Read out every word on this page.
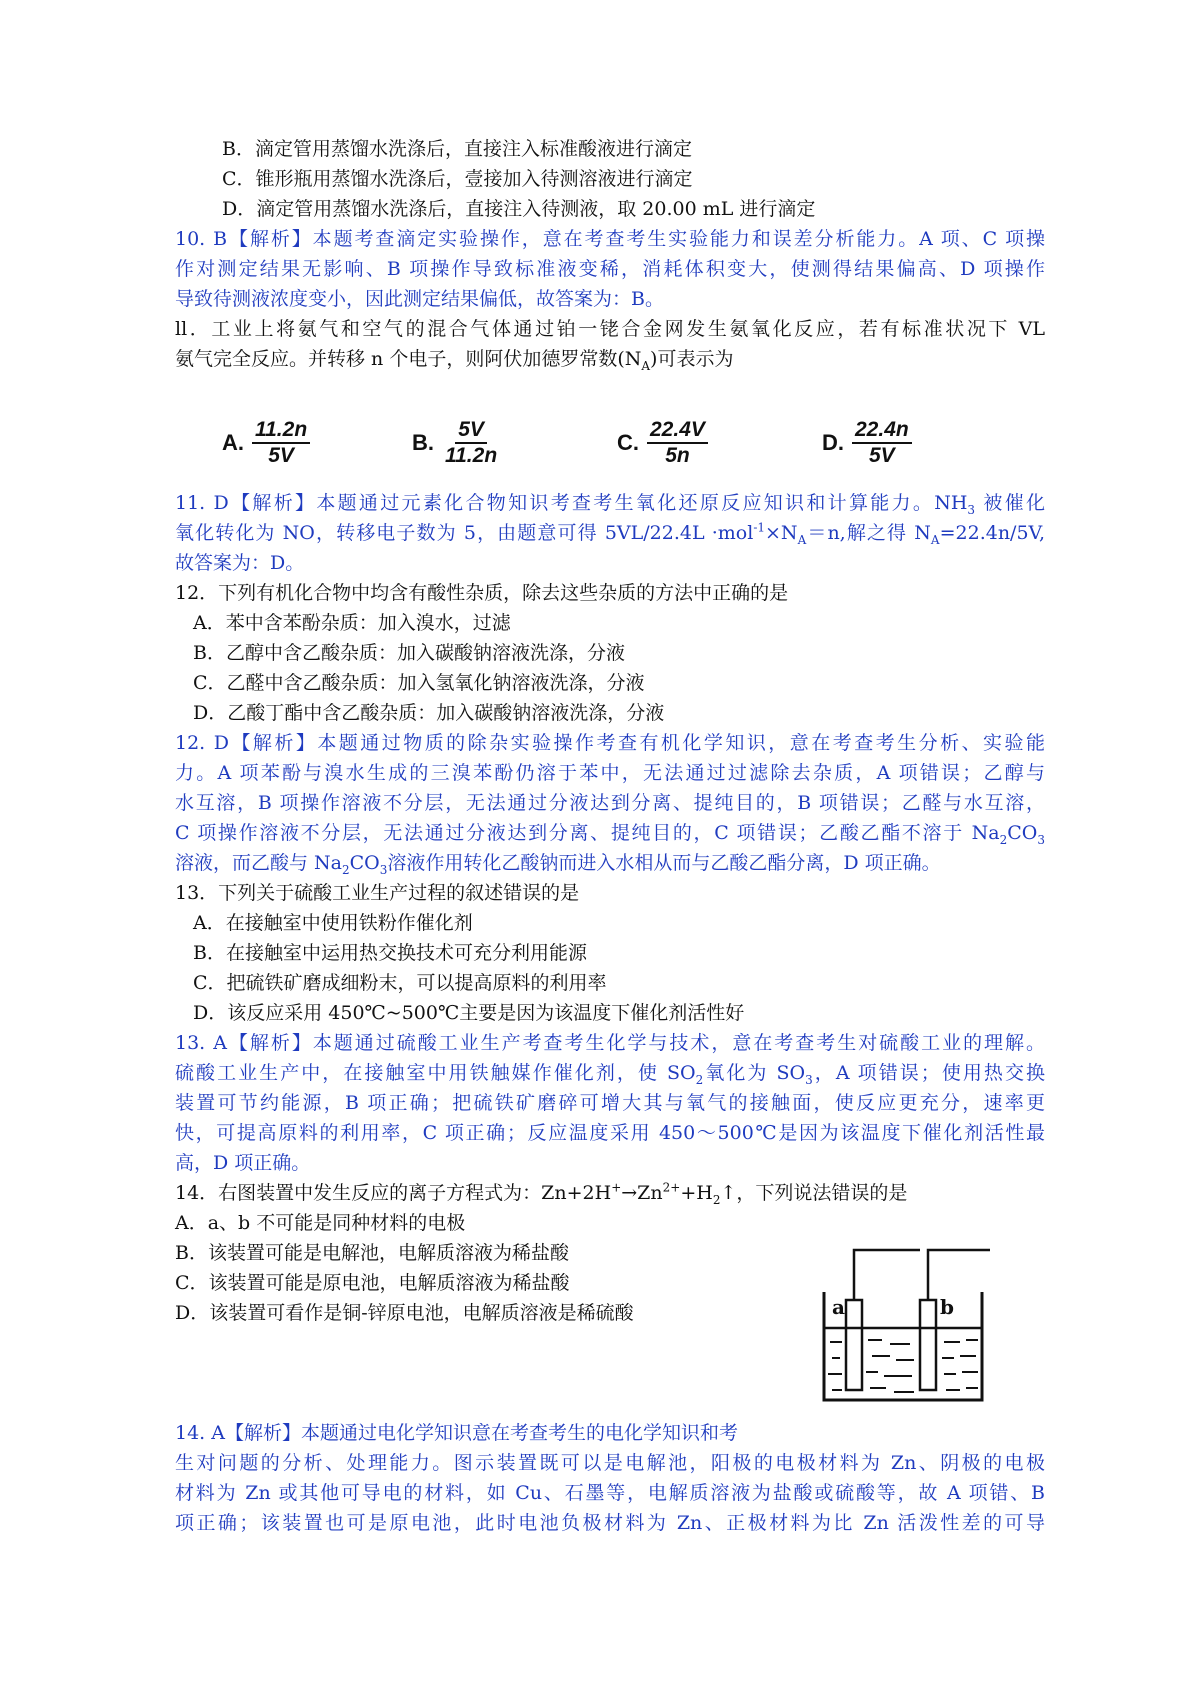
B．滴定管用蒸馏水洗涤后，直接注入标准酸液进行滴定
C．锥形瓶用蒸馏水洗涤后，壹接加入待测溶液进行滴定
D．滴定管用蒸馏水洗涤后，直接注入待测液，取 20.00 mL 进行滴定
10. B【解析】本题考查滴定实验操作，意在考查考生实验能力和误差分析能力。A 项、C 项操
作对测定结果无影响、B 项操作导致标准液变稀，消耗体积变大，使测得结果偏高、D 项操作
导致待测液浓度变小，因此测定结果偏低，故答案为：B。
ll．工业上将氨气和空气的混合气体通过铂一铑合金网发生氨氧化反应，若有标准状况下 VL
氨气完全反应。并转移 n 个电子，则阿伏加德罗常数$(N_A)$可表示为
A. $\frac{11.2n}{5V}$	B. $\frac{5V}{11.2n}$	C. $\frac{22.4V}{5n}$	D. $\frac{22.4n}{5V}$
11. D【解析】本题通过元素化合物知识考查考生氧化还原反应知识和计算能力。$NH_3$ 被催化
氧化转化为 NO，转移电子数为 5，由题意可得 $5VL/22.4L \cdot mol^{-1}\times N_A=n$,解之得 $N_A=22.4n/5V$,
故答案为：D。
12．下列有机化合物中均含有酸性杂质，除去这些杂质的方法中正确的是
A．苯中含苯酚杂质：加入溴水，过滤
B．乙醇中含乙酸杂质：加入碳酸钠溶液洗涤，分液
C．乙醛中含乙酸杂质：加入氢氧化钠溶液洗涤，分液
D．乙酸丁酯中含乙酸杂质：加入碳酸钠溶液洗涤，分液
12. D【解析】本题通过物质的除杂实验操作考查有机化学知识，意在考查考生分析、实验能
力。A 项苯酚与溴水生成的三溴苯酚仍溶于苯中，无法通过过滤除去杂质，A 项错误；乙醇与
水互溶，B 项操作溶液不分层，无法通过分液达到分离、提纯目的，B 项错误；乙醛与水互溶，
C 项操作溶液不分层，无法通过分液达到分离、提纯目的，C 项错误；乙酸乙酯不溶于 $Na_2CO_3$
溶液，而乙酸与 $Na_2CO_3$溶液作用转化乙酸钠而进入水相从而与乙酸乙酯分离，D 项正确。
13．下列关于硫酸工业生产过程的叙述错误的是
A．在接触室中使用铁粉作催化剂
B．在接触室中运用热交换技术可充分利用能源
C．把硫铁矿磨成细粉末，可以提高原料的利用率
D．该反应采用 450℃~500℃主要是因为该温度下催化剂活性好
13. A【解析】本题通过硫酸工业生产考查考生化学与技术，意在考查考生对硫酸工业的理解。
硫酸工业生产中，在接触室中用铁触媒作催化剂，使 $SO_2$氧化为 $SO_3$，A 项错误；使用热交换
装置可节约能源，B 项正确；把硫铁矿磨碎可增大其与氧气的接触面，使反应更充分，速率更
快，可提高原料的利用率，C 项正确；反应温度采用 450～500℃是因为该温度下催化剂活性最
高，D 项正确。
14．右图装置中发生反应的离子方程式为：$Zn+2H^+\to Zn^{2+}+H_2↑$，下列说法错误的是
A．a、b 不可能是同种材料的电极
B．该装置可能是电解池，电解质溶液为稀盐酸
C．该装置可能是原电池，电解质溶液为稀盐酸
D．该装置可看作是铜-锌原电池，电解质溶液是稀硫酸	a	b
14. A【解析】本题通过电化学知识意在考查考生的电化学知识和考
生对问题的分析、处理能力。图示装置既可以是电解池，阳极的电极材料为 Zn、阴极的电极
材料为 Zn 或其他可导电的材料，如 Cu、石墨等，电解质溶液为盐酸或硫酸等，故 A 项错、B
项正确；该装置也可是原电池，此时电池负极材料为 Zn、正极材料为比 Zn 活泼性差的可导
